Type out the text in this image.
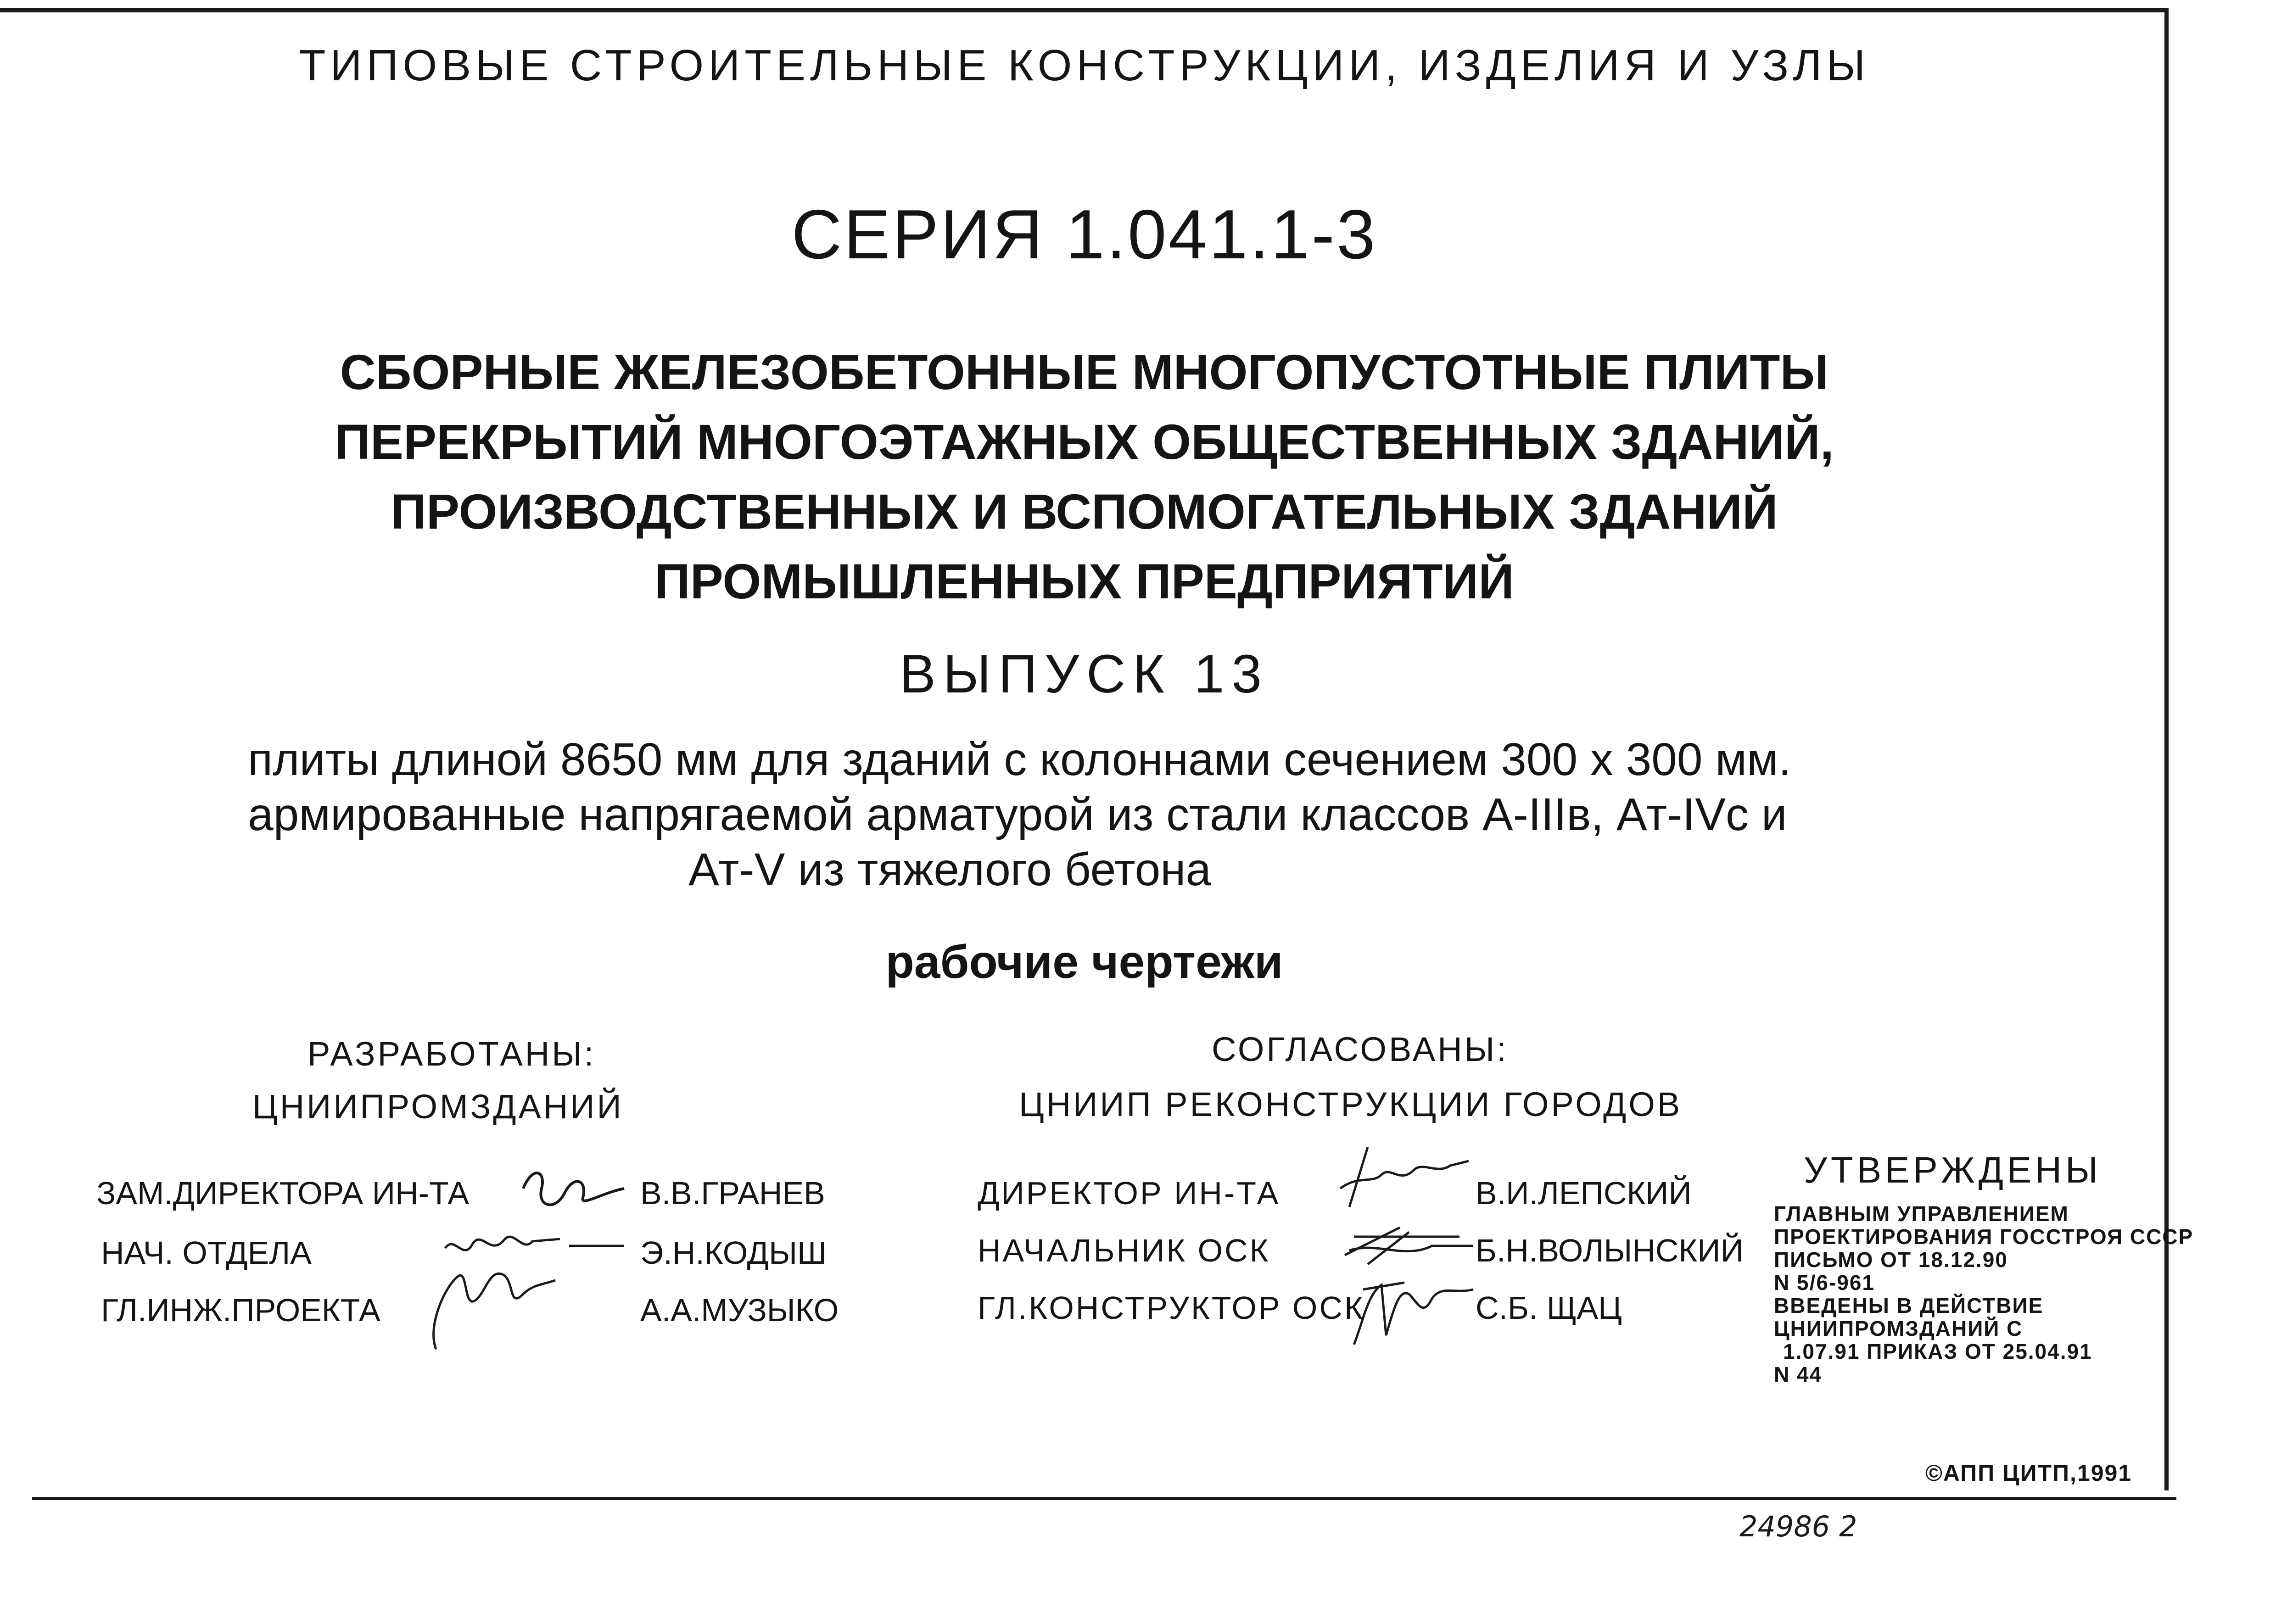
ТИПОВЫЕ СТРОИТЕЛЬНЫЕ КОНСТРУКЦИИ, ИЗДЕЛИЯ И УЗЛЫ
СЕРИЯ 1.041.1-3
СБОРНЫЕ ЖЕЛЕЗОБЕТОННЫЕ МНОГОПУСТОТНЫЕ ПЛИТЫ
ПЕРЕКРЫТИЙ МНОГОЭТАЖНЫХ ОБЩЕСТВЕННЫХ ЗДАНИЙ,
ПРОИЗВОДСТВЕННЫХ И ВСПОМОГАТЕЛЬНЫХ ЗДАНИЙ
ПРОМЫШЛЕННЫХ ПРЕДПРИЯТИЙ
ВЫПУСК 13
плиты длиной 8650 мм для зданий с колоннами сечением 300 х 300 мм.
армированные напрягаемой арматурой из стали классов А-IIIв, Ат-IVс и
Ат-V из тяжелого бетона
рабочие чертежи
РАЗРАБОТАНЫ:
ЦНИИПРОМЗДАНИЙ
ЗАМ.ДИРЕКТОРА ИН-ТА	В.В.ГРАНЕВ
НАЧ. ОТДЕЛА	Э.Н.КОДЫШ
ГЛ.ИНЖ.ПРОЕКТА	А.А.МУЗЫКО
СОГЛАСОВАНЫ:
ЦНИИП РЕКОНСТРУКЦИИ ГОРОДОВ
ДИРЕКТОР ИН-ТА	В.И.ЛЕПСКИЙ
НАЧАЛЬНИК ОСК	Б.Н.ВОЛЫНСКИЙ
ГЛ.КОНСТРУКТОР ОСК	С.Б. ЩАЦ
УТВЕРЖДЕНЫ
ГЛАВНЫМ УПРАВЛЕНИЕМ
ПРОЕКТИРОВАНИЯ ГОССТРОЯ СССР
ПИСЬМО ОТ 18.12.90
N 5/6-961
ВВЕДЕНЫ В ДЕЙСТВИЕ
ЦНИИПРОМЗДАНИЙ С
1.07.91 ПРИКАЗ ОТ 25.04.91
N 44
©АПП ЦИТП,1991
24986 2
